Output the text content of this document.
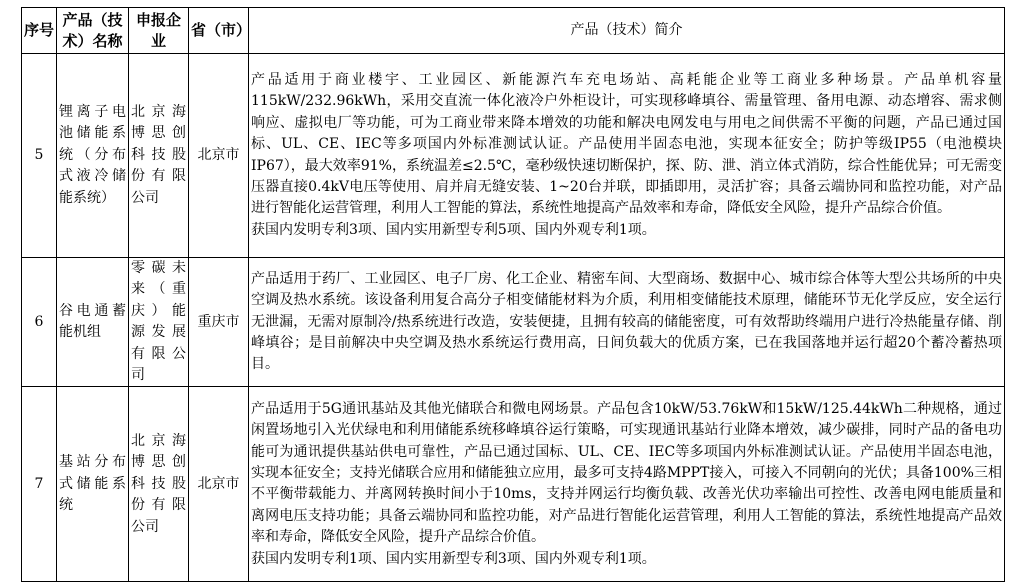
序号	产品（技术）名称	申报企业	省（市）	产品（技术）简介
5	锂离子电池储能系统（分布式液冷储能系统）	北京海博思创科技股份有限公司	北京市	产品适用于商业楼宇、工业园区、新能源汽车充电场站、高耗能企业等工商业多种场景。产品单机容量115kW/232.96kWh，采用交直流一体化液冷户外柜设计，可实现移峰填谷、需量管理、备用电源、动态增容、需求侧响应、虚拟电厂等功能，可为工商业带来降本增效的功能和解决电网发电与用电之间供需不平衡的问题，产品已通过国标、UL、CE、IEC等多项国内外标准测试认证。产品使用半固态电池，实现本征安全；防护等级IP55（电池模块IP67），最大效率91%，系统温差≤2.5℃，毫秒级快速切断保护，探、防、泄、消立体式消防，综合性能优异；可无需变压器直接0.4kV电压等使用、肩并肩无缝安装、1~20台并联，即插即用，灵活扩容；具备云端协同和监控功能，对产品进行智能化运营管理，利用人工智能的算法，系统性地提高产品效率和寿命，降低安全风险，提升产品综合价值。
获国内发明专利3项、国内实用新型专利5项、国内外观专利1项。

6	谷电通蓄能机组	零碳未来（重庆）能源发展有限公司	重庆市	产品适用于药厂、工业园区、电子厂房、化工企业、精密车间、大型商场、数据中心、城市综合体等大型公共场所的中央空调及热水系统。该设备利用复合高分子相变储能材料为介质，利用相变储能技术原理，储能环节无化学反应，安全运行无泄漏，无需对原制冷/热系统进行改造，安装便捷，且拥有较高的储能密度，可有效帮助终端用户进行冷热能量存储、削峰填谷；是目前解决中央空调及热水系统运行费用高，日间负载大的优质方案，已在我国落地并运行超20个蓄冷蓄热项目。

7	基站分布式储能系统	北京海博思创科技股份有限公司	北京市	产品适用于5G通讯基站及其他光储联合和微电网场景。产品包含10kW/53.76kW和15kW/125.44kWh二种规格，通过闲置场地引入光伏绿电和利用储能系统移峰填谷运行策略，可实现通讯基站行业降本增效，减少碳排，同时产品的备电功能可为通讯提供基站供电可靠性，产品已通过国标、UL、CE、IEC等多项国内外标准测试认证。产品使用半固态电池，实现本征安全；支持光储联合应用和储能独立应用，最多可支持4路MPPT接入，可接入不同朝向的光伏；具备100%三相不平衡带载能力、并离网转换时间小于10ms，支持并网运行均衡负载、改善光伏功率输出可控性、改善电网电能质量和离网电压支持功能；具备云端协同和监控功能，对产品进行智能化运营管理，利用人工智能的算法，系统性地提高产品效率和寿命，降低安全风险，提升产品综合价值。
获国内发明专利1项、国内实用新型专利3项、国内外观专利1项。
